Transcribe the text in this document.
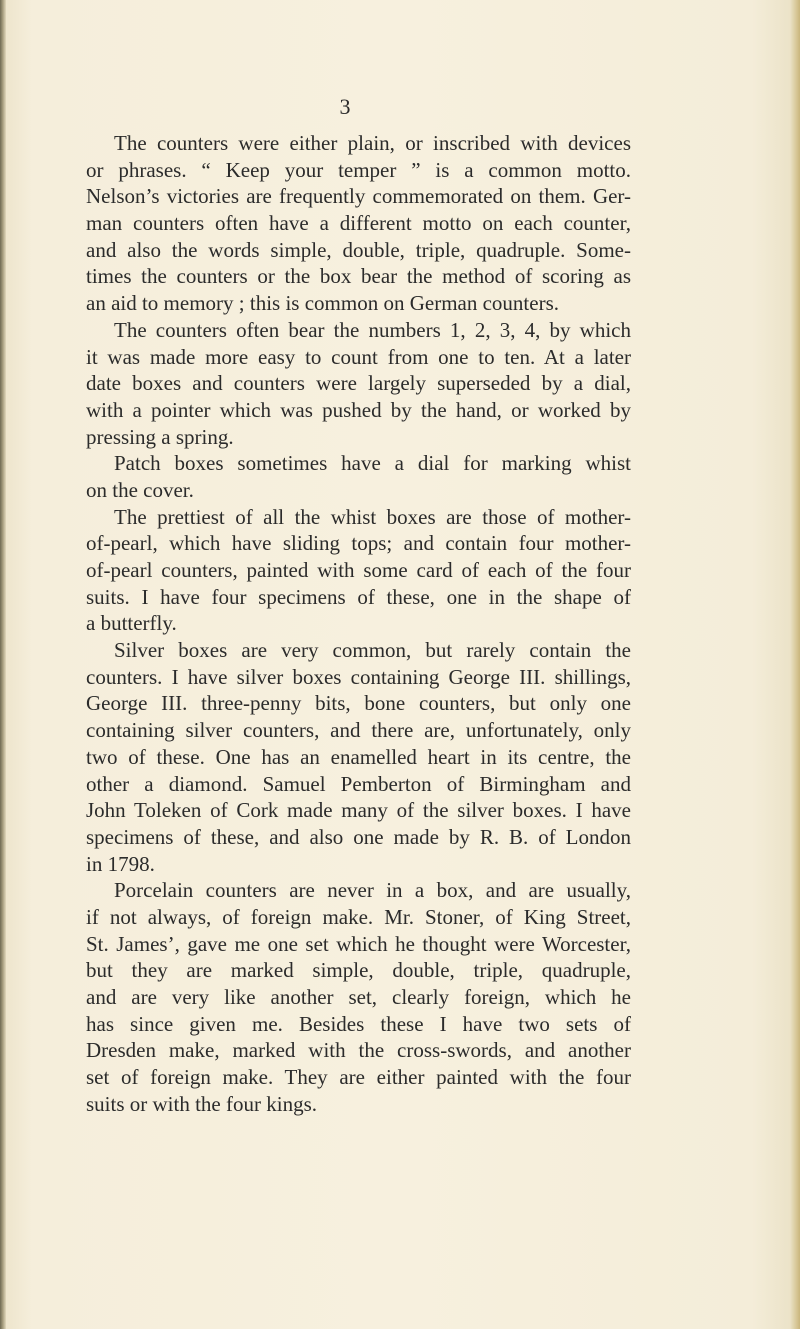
3
The counters were either plain, or inscribed with devices
or phrases. “ Keep your temper ” is a common motto.
Nelson’s victories are frequently commemorated on them. Ger-
man counters often have a different motto on each counter,
and also the words simple, double, triple, quadruple. Some-
times the counters or the box bear the method of scoring as
an aid to memory ; this is common on German counters.
The counters often bear the numbers 1, 2, 3, 4, by which
it was made more easy to count from one to ten. At a later
date boxes and counters were largely superseded by a dial,
with a pointer which was pushed by the hand, or worked by
pressing a spring.
Patch boxes sometimes have a dial for marking whist
on the cover.
The prettiest of all the whist boxes are those of mother-
of-pearl, which have sliding tops; and contain four mother-
of-pearl counters, painted with some card of each of the four
suits. I have four specimens of these, one in the shape of
a butterfly.
Silver boxes are very common, but rarely contain the
counters. I have silver boxes containing George III. shillings,
George III. three-penny bits, bone counters, but only one
containing silver counters, and there are, unfortunately, only
two of these. One has an enamelled heart in its centre, the
other a diamond. Samuel Pemberton of Birmingham and
John Toleken of Cork made many of the silver boxes. I have
specimens of these, and also one made by R. B. of London
in 1798.
Porcelain counters are never in a box, and are usually,
if not always, of foreign make. Mr. Stoner, of King Street,
St. James’, gave me one set which he thought were Worcester,
but they are marked simple, double, triple, quadruple,
and are very like another set, clearly foreign, which he
has since given me. Besides these I have two sets of
Dresden make, marked with the cross-swords, and another
set of foreign make. They are either painted with the four
suits or with the four kings.
